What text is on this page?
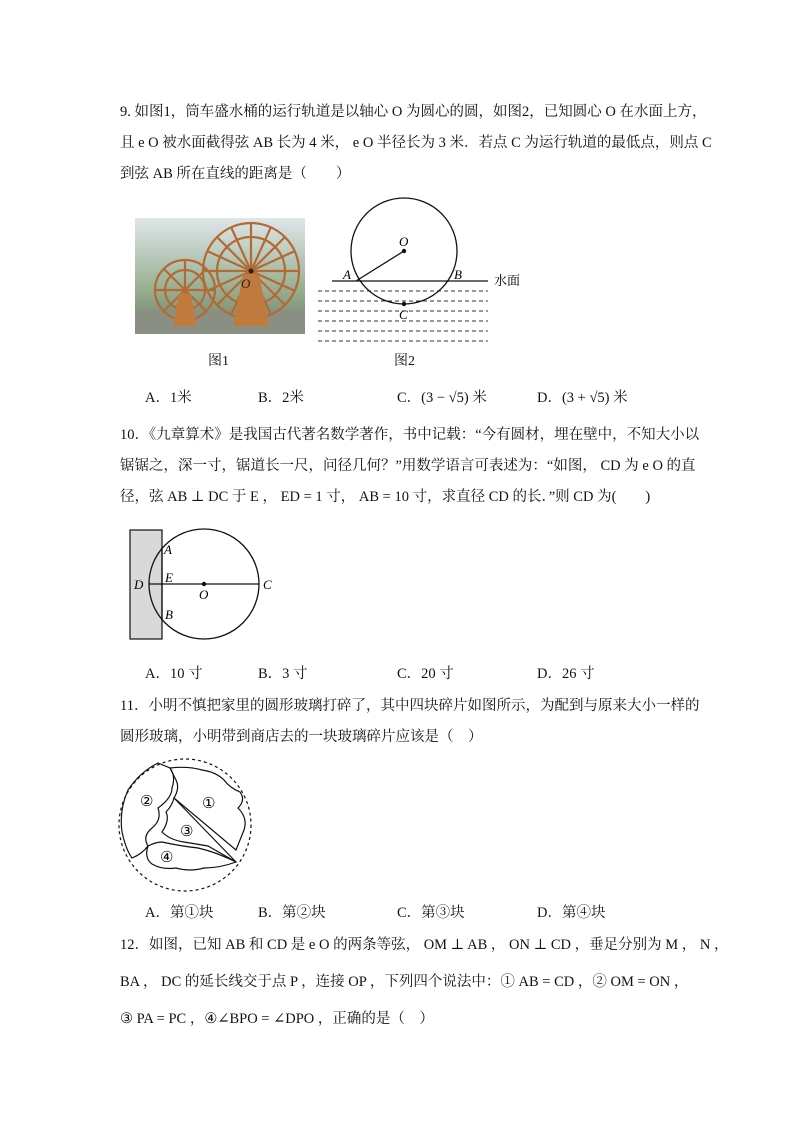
9. 如图1，筒车盛水桶的运行轨道是以轴心 O 为圆心的圆，如图2，已知圆心 O 在水面上方，
且 e O 被水面截得弦 AB 长为 4 米， e O 半径长为 3 米．若点 C 为运行轨道的最低点，则点 C
到弦 AB 所在直线的距离是（　　）
O
图1
O
A	B
C
水面
图2
A．1米	B．2米	C．(3 − √5) 米	D．(3 + √5) 米
10．《九章算术》是我国古代著名数学著作，书中记载：“今有圆材，埋在壁中，不知大小以
锯锯之，深一寸，锯道长一尺，问径几何？”用数学语言可表述为：“如图， CD 为 e O 的直
径，弦 AB ⊥ DC 于 E ， ED = 1 寸， AB = 10 寸，求直径 CD 的长．”则 CD 为(　　)
A
D E
O
C
B
A．10 寸	B．3 寸	C．20 寸	D．26 寸
11．小明不慎把家里的圆形玻璃打碎了，其中四块碎片如图所示，为配到与原来大小一样的
圆形玻璃，小明带到商店去的一块玻璃碎片应该是（　）
②	①
③
④
A．第①块	B．第②块	C．第③块	D．第④块
12．如图，已知 AB 和 CD 是 e O 的两条等弦， OM ⊥ AB ， ON ⊥ CD ，垂足分别为 M ， N ，
BA ， DC 的延长线交于点 P ，连接 OP ，下列四个说法中：① AB = CD ，② OM = ON ，
③ PA = PC ，④∠BPO = ∠DPO ，正确的是（　）
